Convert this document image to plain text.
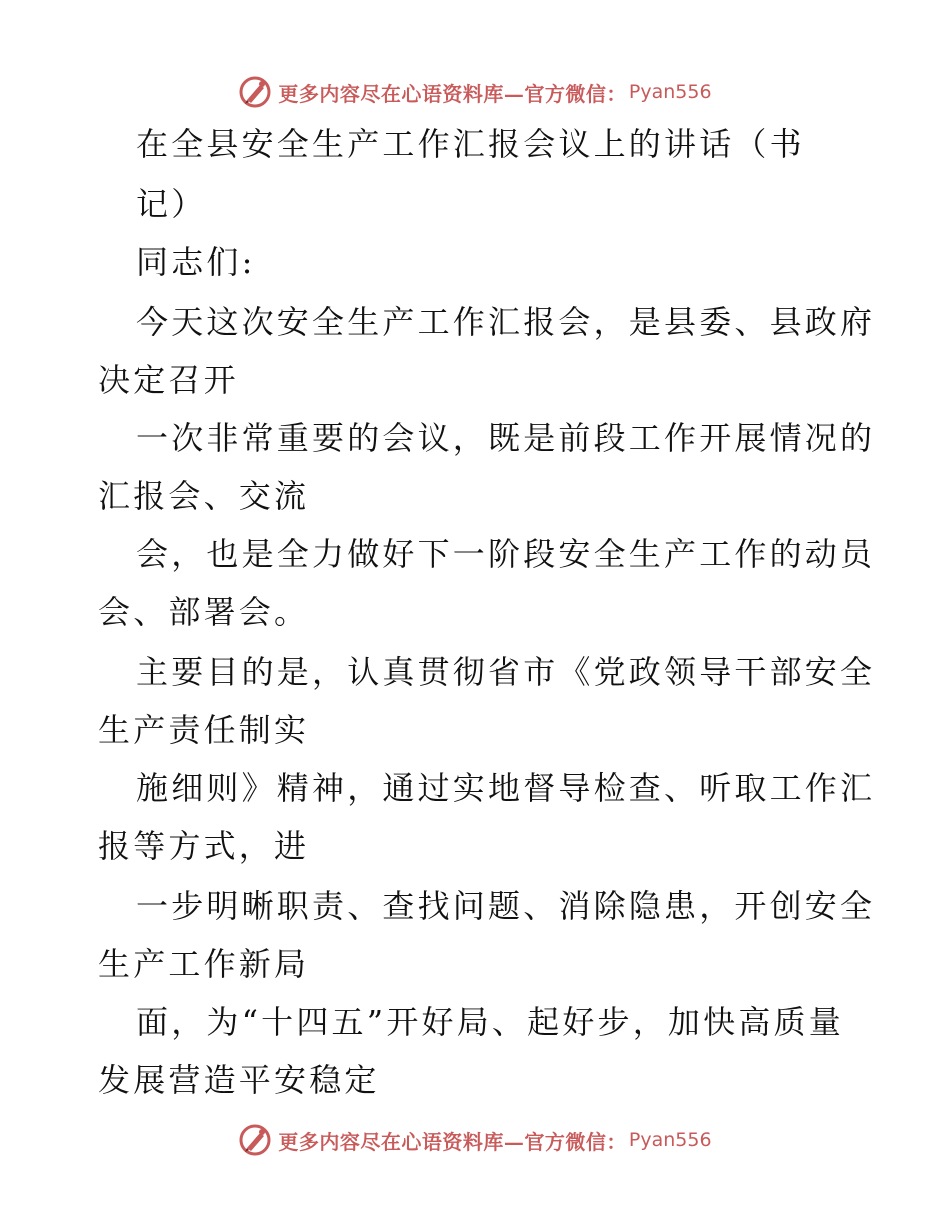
更多内容尽在心语资料库—官方微信： Pyan556
在全县安全生产工作汇报会议上的讲话（书
记）
同志们:
今天这次安全生产工作汇报会，是县委、县政府
决定召开
一次非常重要的会议，既是前段工作开展情况的
汇报会、交流
会，也是全力做好下一阶段安全生产工作的动员
会、部署会。
主要目的是，认真贯彻省市《党政领导干部安全
生产责任制实
施细则》精神，通过实地督导检查、听取工作汇
报等方式，进
一步明晰职责、查找问题、消除隐患，开创安全
生产工作新局
面，为“十四五”开好局、起好步，加快高质量
发展营造平安稳定
更多内容尽在心语资料库—官方微信： Pyan556
